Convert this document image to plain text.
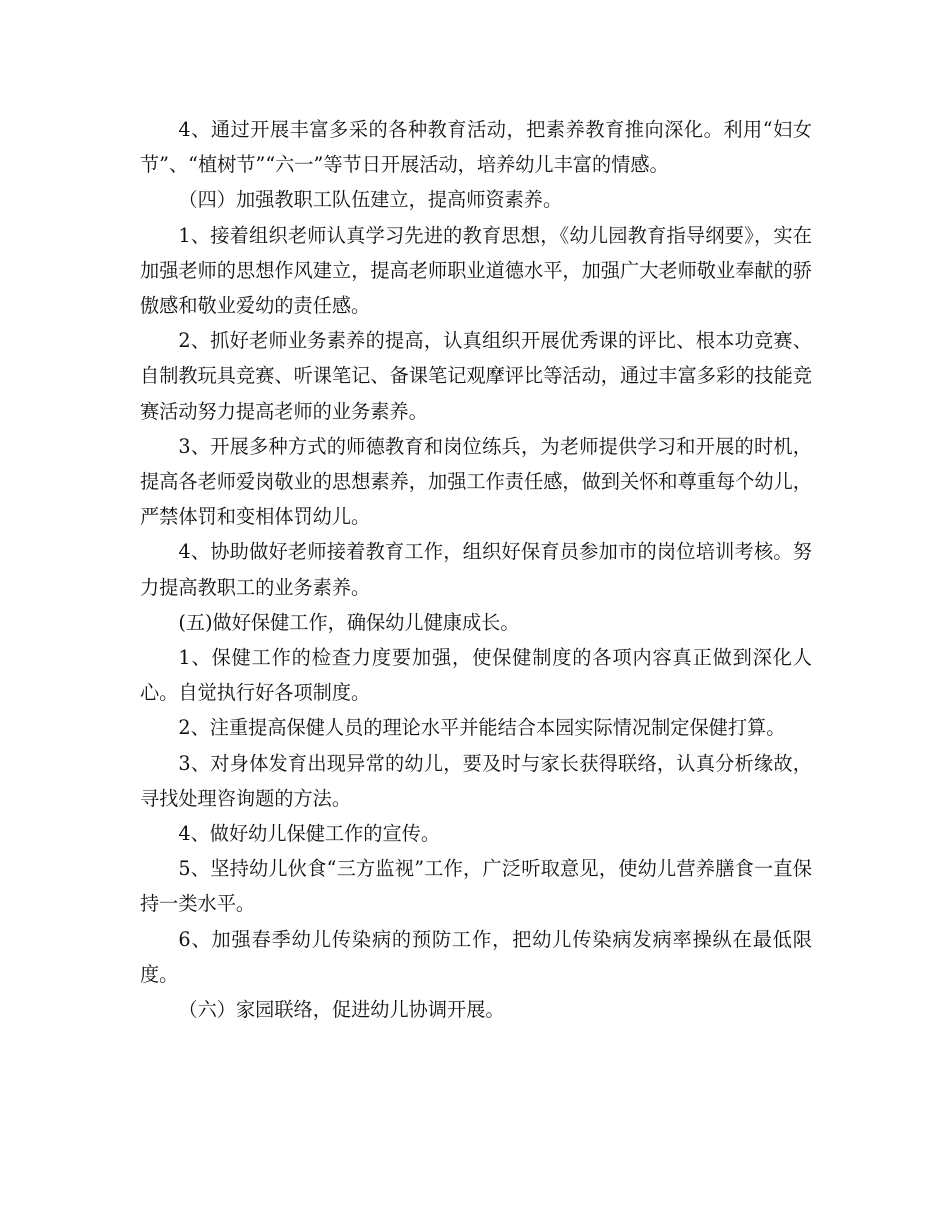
4、通过开展丰富多采的各种教育活动，把素养教育推向深化。利用“妇女节”、“植树节”“六一”等节日开展活动，培养幼儿丰富的情感。

（四）加强教职工队伍建立，提高师资素养。

1、接着组织老师认真学习先进的教育思想，《幼儿园教育指导纲要》，实在加强老师的思想作风建立，提高老师职业道德水平，加强广大老师敬业奉献的骄傲感和敬业爱幼的责任感。

2、抓好老师业务素养的提高，认真组织开展优秀课的评比、根本功竞赛、自制教玩具竞赛、听课笔记、备课笔记观摩评比等活动，通过丰富多彩的技能竞赛活动努力提高老师的业务素养。

3、开展多种方式的师德教育和岗位练兵，为老师提供学习和开展的时机，提高各老师爱岗敬业的思想素养，加强工作责任感，做到关怀和尊重每个幼儿，严禁体罚和变相体罚幼儿。

4、协助做好老师接着教育工作，组织好保育员参加市的岗位培训考核。努力提高教职工的业务素养。

(五)做好保健工作，确保幼儿健康成长。

1、保健工作的检查力度要加强，使保健制度的各项内容真正做到深化人心。自觉执行好各项制度。

2、注重提高保健人员的理论水平并能结合本园实际情况制定保健打算。

3、对身体发育出现异常的幼儿，要及时与家长获得联络，认真分析缘故，寻找处理咨询题的方法。

4、做好幼儿保健工作的宣传。

5、坚持幼儿伙食“三方监视”工作，广泛听取意见，使幼儿营养膳食一直保持一类水平。

6、加强春季幼儿传染病的预防工作，把幼儿传染病发病率操纵在最低限度。

（六）家园联络，促进幼儿协调开展。
